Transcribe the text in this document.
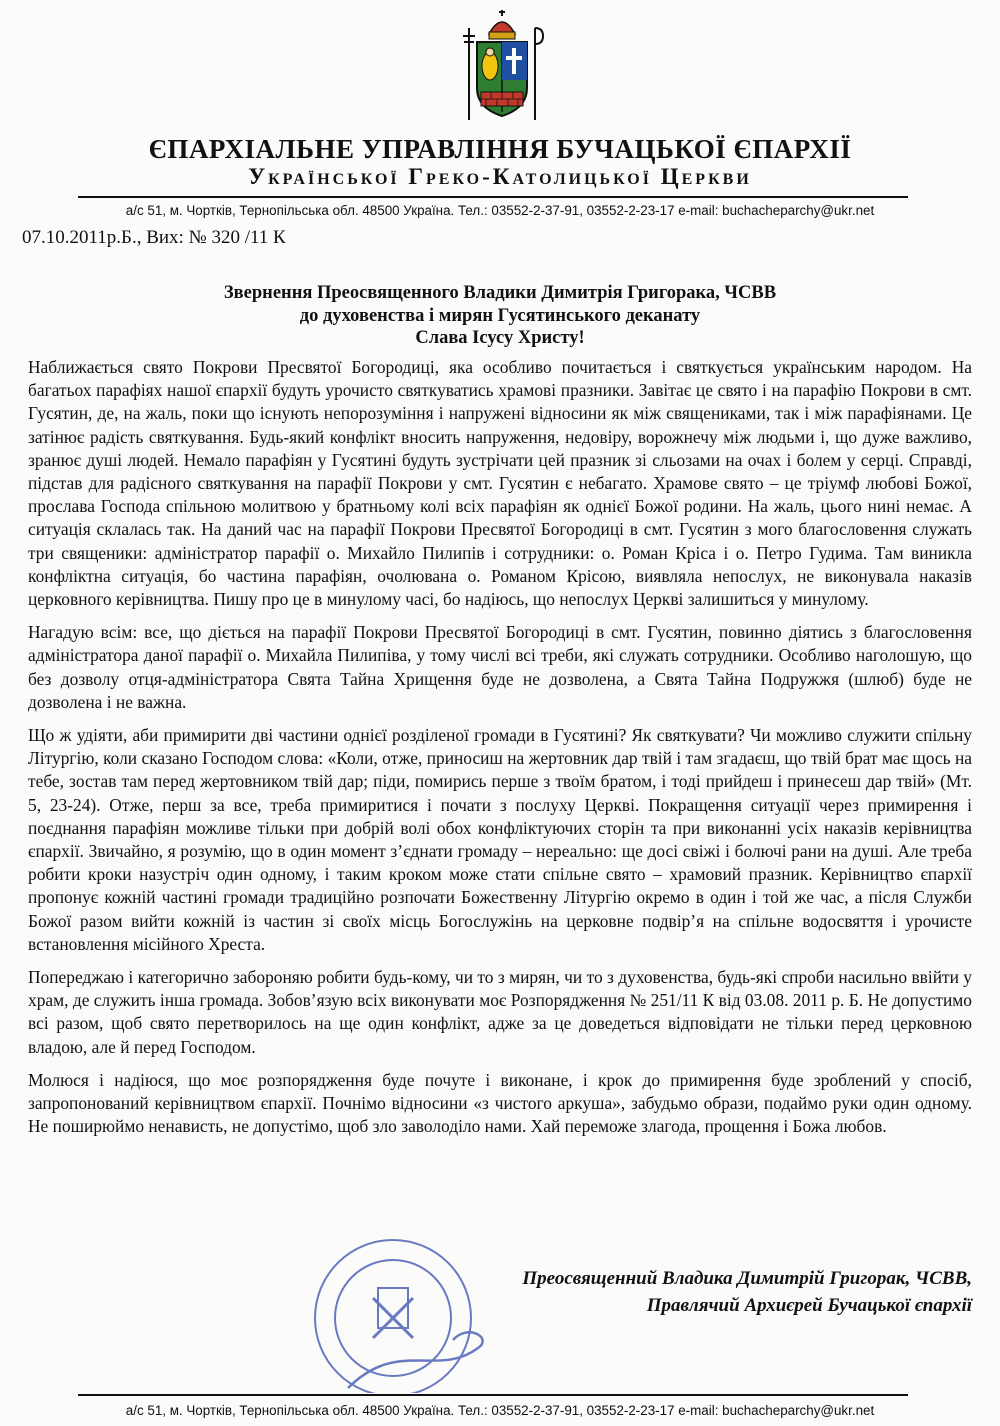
ЄПАРХІАЛЬНЕ УПРАВЛІННЯ БУЧАЦЬКОЇ ЄПАРХІЇ
Української Греко-Католицької Церкви
а/с 51, м. Чортків, Тернопільська обл. 48500 Україна. Тел.: 03552-2-37-91, 03552-2-23-17 e-mail: buchacheparchy@ukr.net
07.10.2011р.Б., Вих: № 320 /11 К
Звернення Преосвященного Владики Димитрія Григорака, ЧСВВ
до духовенства і мирян Гусятинського деканату
Слава Ісусу Христу!

Наближається свято Покрови Пресвятої Богородиці, яка особливо почитається і святкується українським народом. На багатьох парафіях нашої єпархії будуть урочисто святкуватись храмові празники. Завітає це свято і на парафію Покрови в смт. Гусятин, де, на жаль, поки що існують непорозуміння і напружені відносини як між священиками, так і між парафіянами. Це затінює радість святкування. Будь-який конфлікт вносить напруження, недовіру, ворожнечу між людьми і, що дуже важливо, зранює душі людей. Немало парафіян у Гусятині будуть зустрічати цей празник зі сльозами на очах і болем у серці. Справді, підстав для радісного святкування на парафії Покрови у смт. Гусятин є небагато. Храмове свято – це тріумф любові Божої, прослава Господа спільною молитвою у братньому колі всіх парафіян як однієї Божої родини. На жаль, цього нині немає. А ситуація склалась так. На даний час на парафії Покрови Пресвятої Богородиці в смт. Гусятин з мого благословення служать три священики: адміністратор парафії о. Михайло Пилипів і сотрудники: о. Роман Кріса і о. Петро Гудима. Там виникла конфліктна ситуація, бо частина парафіян, очолювана о. Романом Крісою, виявляла непослух, не виконувала наказів церковного керівництва. Пишу про це в минулому часі, бо надіюсь, що непослух Церкві залишиться у минулому.

Нагадую всім: все, що діється на парафії Покрови Пресвятої Богородиці в смт. Гусятин, повинно діятись з благословення адміністратора даної парафії о. Михайла Пилипіва, у тому числі всі треби, які служать сотрудники. Особливо наголошую, що без дозволу отця-адміністратора Свята Тайна Хрищення буде не дозволена, а Свята Тайна Подружжя (шлюб) буде не дозволена і не важна.

Що ж удіяти, аби примирити дві частини однієї розділеної громади в Гусятині? Як святкувати? Чи можливо служити спільну Літургію, коли сказано Господом слова: «Коли, отже, приносиш на жертовник дар твій і там згадаєш, що твій брат має щось на тебе, зостав там перед жертовником твій дар; піди, помирись перше з твоїм братом, і тоді прийдеш і принесеш дар твій» (Мт. 5, 23-24). Отже, перш за все, треба примиритися і почати з послуху Церкві. Покращення ситуації через примирення і поєднання парафіян можливе тільки при добрій волі обох конфліктуючих сторін та при виконанні усіх наказів керівництва єпархії. Звичайно, я розумію, що в один момент з’єднати громаду – нереально: ще досі свіжі і болючі рани на душі. Але треба робити кроки назустріч один одному, і таким кроком може стати спільне свято – храмовий празник. Керівництво єпархії пропонує кожній частині громади традиційно розпочати Божественну Літургію окремо в один і той же час, а після Служби Божої разом вийти кожній із частин зі своїх місць Богослужінь на церковне подвір’я на спільне водосвяття і урочисте встановлення місійного Хреста.

Попереджаю і категорично забороняю робити будь-кому, чи то з мирян, чи то з духовенства, будь-які спроби насильно ввійти у храм, де служить інша громада. Зобов’язую всіх виконувати моє Розпорядження № 251/11 К від 03.08. 2011 р. Б. Не допустимо всі разом, щоб свято перетворилось на ще один конфлікт, адже за це доведеться відповідати не тільки перед церковною владою, але й перед Господом.

Молюся і надіюся, що моє розпорядження буде почуте і виконане, і крок до примирення буде зроблений у спосіб, запропонований керівництвом єпархії. Почнімо відносини «з чистого аркуша», забудьмо образи, подаймо руки один одному. Не поширюймо ненависть, не допустімо, щоб зло заволоділо нами. Хай переможе злагода, прощення і Божа любов.

Преосвященний Владика Димитрій Григорак, ЧСВВ,
Правлячий Архиєрей Бучацької єпархії
а/с 51, м. Чортків, Тернопільська обл. 48500 Україна. Тел.: 03552-2-37-91, 03552-2-23-17 e-mail: buchacheparchy@ukr.net
